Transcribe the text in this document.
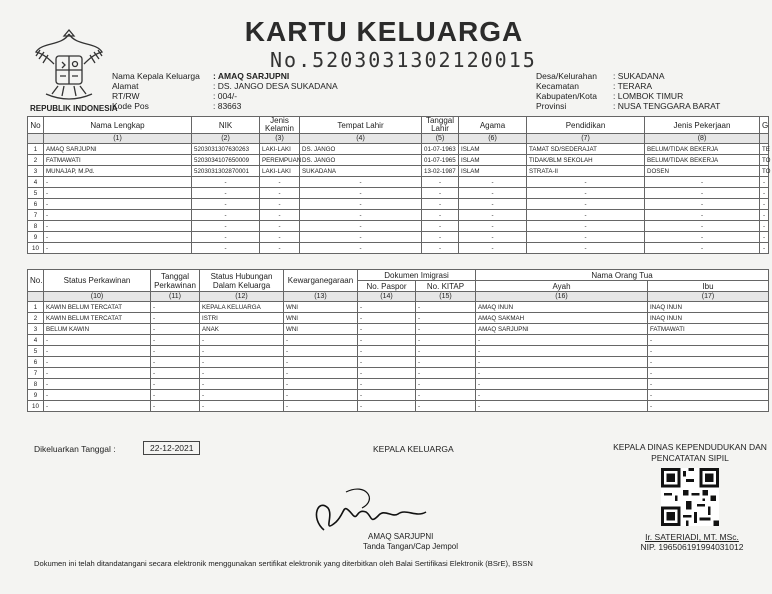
KARTU KELUARGA
No.5203031302120015
REPUBLIK INDONESIA
Nama Kepala Keluarga
Alamat
RT/RW
Kode Pos
: AMAQ SARJUPNI
: DS. JANGO DESA SUKADANA
: 004/-
: 83663
Desa/Kelurahan
Kecamatan
Kabupaten/Kota
Provinsi
: SUKADANA
: TERARA
: LOMBOK TIMUR
: NUSA TENGGARA BARAT
No	Nama Lengkap	NIK	Jenis Kelamin	Tempat Lahir	Tanggal Lahir	Agama	Pendidikan	Jenis Pekerjaan	G
	(1)	(2)	(3)	(4)	(5)	(6)	(7)	(8)	
1	AMAQ SARJUPNI	5203031307630263	LAKI-LAKI	DS. JANGO	01-07-1963	ISLAM	TAMAT SD/SEDERAJAT	BELUM/TIDAK BEKERJA	TE
2	FATMAWATI	5203034107650009	PEREMPUAN	DS. JANGO	01-07-1965	ISLAM	TIDAK/BLM SEKOLAH	BELUM/TIDAK BEKERJA	TO
3	MUNAJAP, M.Pd.	5203031302870001	LAKI-LAKI	SUKADANA	13-02-1987	ISLAM	STRATA-II	DOSEN	TO
4	-	-	-	-	-	-	-	-	-
5	-	-	-	-	-	-	-	-	-
6	-	-	-	-	-	-	-	-	-
7	-	-	-	-	-	-	-	-	-
8	-	-	-	-	-	-	-	-	-
9	-	-	-	-	-	-	-	-	-
10	-	-	-	-	-	-	-	-	-
No.	Status Perkawinan	Tanggal Perkawinan	Status Hubungan Dalam Keluarga	Kewarganegaraan	Dokumen Imigrasi		Nama Orang Tua	
					No. Paspor	No. KITAP	Ayah	Ibu
	(10)	(11)	(12)	(13)	(14)	(15)	(16)	(17)
1	KAWIN BELUM TERCATAT	-	KEPALA KELUARGA	WNI	-	-	AMAQ INUN	INAQ INUN
2	KAWIN BELUM TERCATAT	-	ISTRI	WNI	-	-	AMAQ SAKMAH	INAQ INUN
3	BELUM KAWIN	-	ANAK	WNI	-	-	AMAQ SARJUPNI	FATMAWATI
4	-	-	-	-	-	-	-	-
5	-	-	-	-	-	-	-	-
6	-	-	-	-	-	-	-	-
7	-	-	-	-	-	-	-	-
8	-	-	-	-	-	-	-	-
9	-	-	-	-	-	-	-	-
10	-	-	-	-	-	-	-	-
Dikeluarkan Tanggal :	22-12-2021	KEPALA KELUARGA	KEPALA DINAS KEPENDUDUKAN DAN PENCATATAN SIPIL
AMAQ SARJUPNI
Tanda Tangan/Cap Jempol
Ir. SATERIADI, MT. MSc.
NIP. 196506191994031012
Dokumen ini telah ditandatangani secara elektronik menggunakan sertifikat elektronik yang diterbitkan oleh Balai Sertifikasi Elektronik (BSrE), BSSN
